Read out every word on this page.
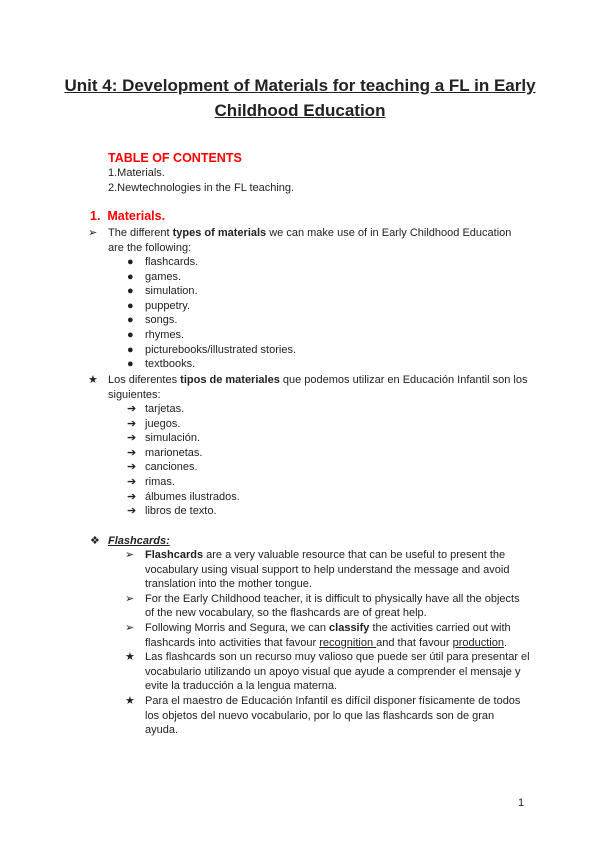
Unit 4: Development of Materials for teaching a FL in Early
Childhood Education
TABLE OF CONTENTS
1.Materials.
2.Newtechnologies in the FL teaching.
1. Materials.
➢ The different types of materials we can make use of in Early Childhood Education are the following:
● flashcards.
● games.
● simulation.
● puppetry.
● songs.
● rhymes.
● picturebooks/illustrated stories.
● textbooks.
★ Los diferentes tipos de materiales que podemos utilizar en Educación Infantil son los siguientes:
➔ tarjetas.
➔ juegos.
➔ simulación.
➔ marionetas.
➔ canciones.
➔ rimas.
➔ álbumes ilustrados.
➔ libros de texto.
❖ Flashcards:
➢ Flashcards are a very valuable resource that can be useful to present the vocabulary using visual support to help understand the message and avoid translation into the mother tongue.
➢ For the Early Childhood teacher, it is difficult to physically have all the objects of the new vocabulary, so the flashcards are of great help.
➢ Following Morris and Segura, we can classify the activities carried out with flashcards into activities that favour recognition and that favour production.
★ Las flashcards son un recurso muy valioso que puede ser útil para presentar el vocabulario utilizando un apoyo visual que ayude a comprender el mensaje y evite la traducción a la lengua materna.
★ Para el maestro de Educación Infantil es difícil disponer físicamente de todos los objetos del nuevo vocabulario, por lo que las flashcards son de gran ayuda.
1
